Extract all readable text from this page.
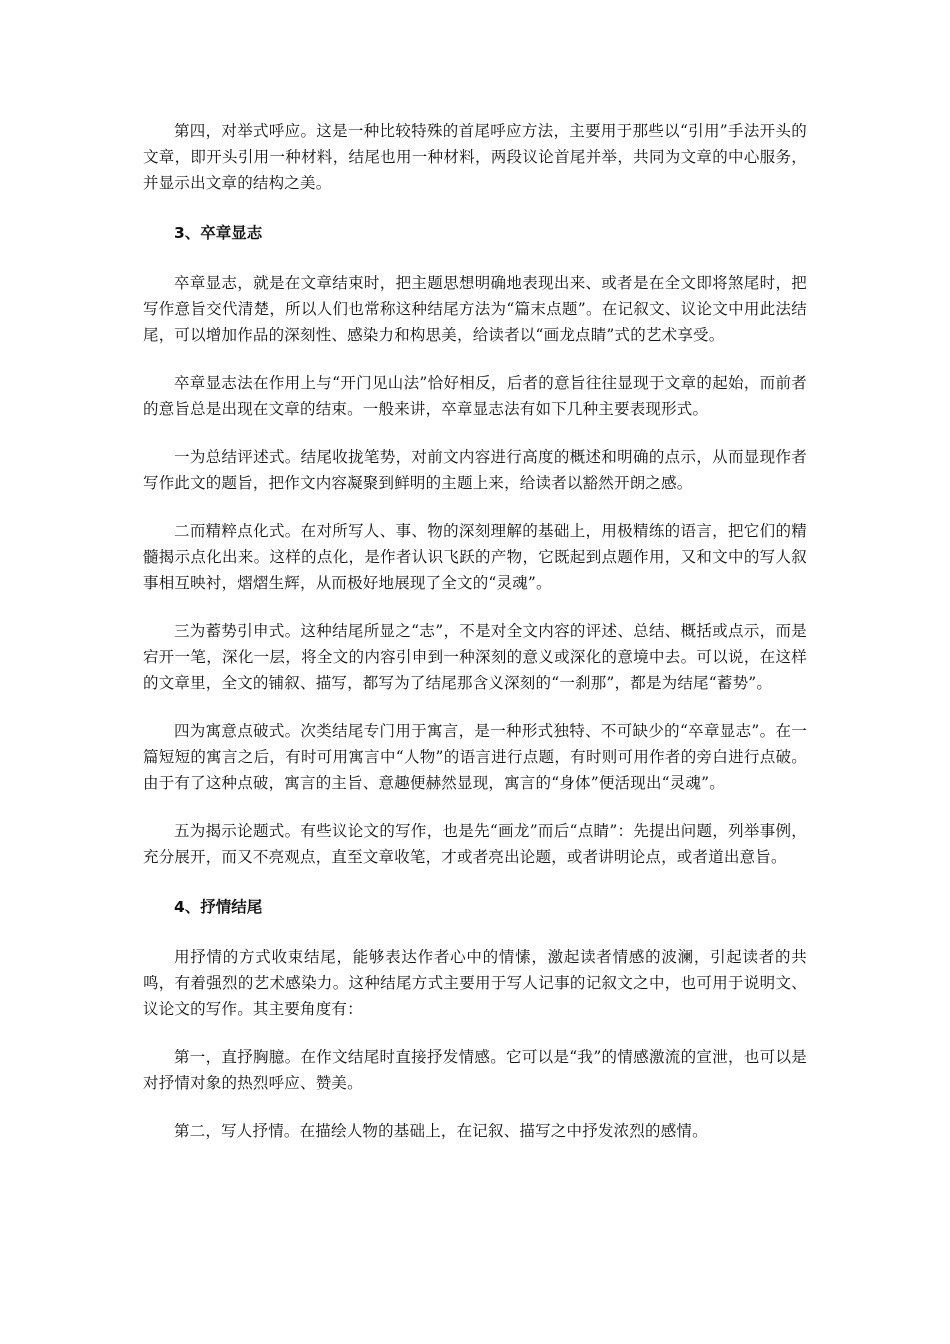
第四，对举式呼应。这是一种比较特殊的首尾呼应方法，主要用于那些以“引用”手法开头的文章，即开头引用一种材料，结尾也用一种材料，两段议论首尾并举，共同为文章的中心服务，并显示出文章的结构之美。

3、卒章显志

卒章显志，就是在文章结束时，把主题思想明确地表现出来、或者是在全文即将煞尾时，把写作意旨交代清楚，所以人们也常称这种结尾方法为“篇末点题”。在记叙文、议论文中用此法结尾，可以增加作品的深刻性、感染力和构思美，给读者以“画龙点睛”式的艺术享受。

卒章显志法在作用上与“开门见山法”恰好相反，后者的意旨往往显现于文章的起始，而前者的意旨总是出现在文章的结束。一般来讲，卒章显志法有如下几种主要表现形式。

一为总结评述式。结尾收拢笔势，对前文内容进行高度的概述和明确的点示，从而显现作者写作此文的题旨，把作文内容凝聚到鲜明的主题上来，给读者以豁然开朗之感。

二而精粹点化式。在对所写人、事、物的深刻理解的基础上，用极精练的语言，把它们的精髓揭示点化出来。这样的点化，是作者认识飞跃的产物，它既起到点题作用，又和文中的写人叙事相互映衬，熠熠生辉，从而极好地展现了全文的“灵魂”。

三为蓄势引申式。这种结尾所显之“志”，不是对全文内容的评述、总结、概括或点示，而是宕开一笔，深化一层，将全文的内容引申到一种深刻的意义或深化的意境中去。可以说，在这样的文章里，全文的铺叙、描写，都写为了结尾那含义深刻的“一刹那”，都是为结尾“蓄势”。

四为寓意点破式。次类结尾专门用于寓言，是一种形式独特、不可缺少的“卒章显志”。在一篇短短的寓言之后，有时可用寓言中“人物”的语言进行点题，有时则可用作者的旁白进行点破。由于有了这种点破，寓言的主旨、意趣便赫然显现，寓言的“身体”便活现出“灵魂”。

五为揭示论题式。有些议论文的写作，也是先“画龙”而后“点睛”：先提出问题，列举事例，充分展开，而又不亮观点，直至文章收笔，才或者亮出论题，或者讲明论点，或者道出意旨。

4、抒情结尾

用抒情的方式收束结尾，能够表达作者心中的情愫，激起读者情感的波澜，引起读者的共鸣，有着强烈的艺术感染力。这种结尾方式主要用于写人记事的记叙文之中，也可用于说明文、议论文的写作。其主要角度有：

第一，直抒胸臆。在作文结尾时直接抒发情感。它可以是“我”的情感激流的宣泄，也可以是对抒情对象的热烈呼应、赞美。

第二，写人抒情。在描绘人物的基础上，在记叙、描写之中抒发浓烈的感情。
